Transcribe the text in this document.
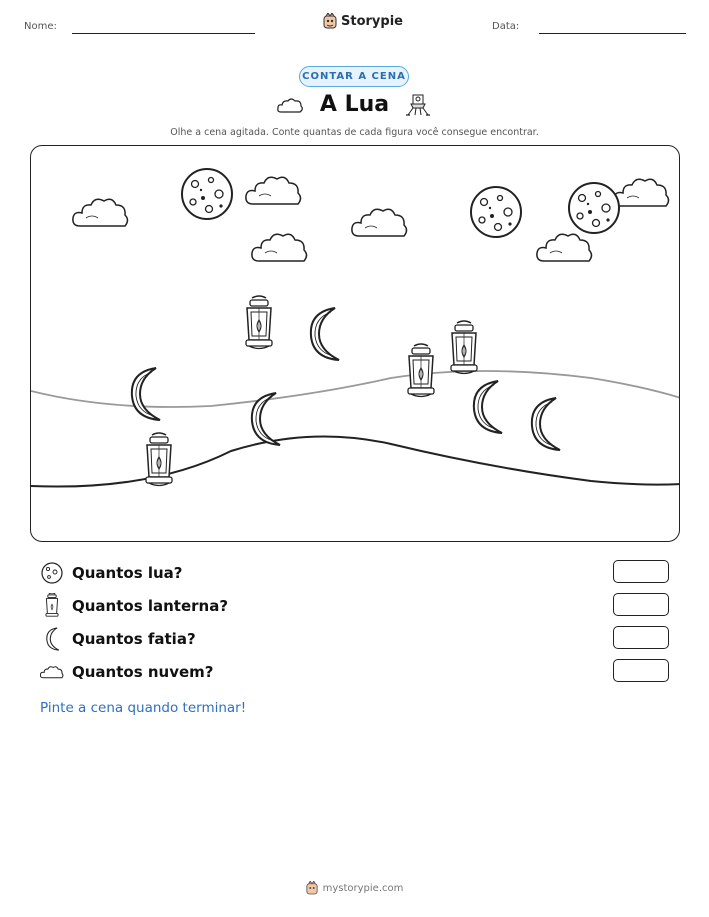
Nome:	Storypie	Data:
CONTAR A CENA
A Lua
Olhe a cena agitada. Conte quantas de cada figura você consegue encontrar.
Quantos lua?
Quantos lanterna?
Quantos fatia?
Quantos nuvem?
Pinte a cena quando terminar!
mystorypie.com
